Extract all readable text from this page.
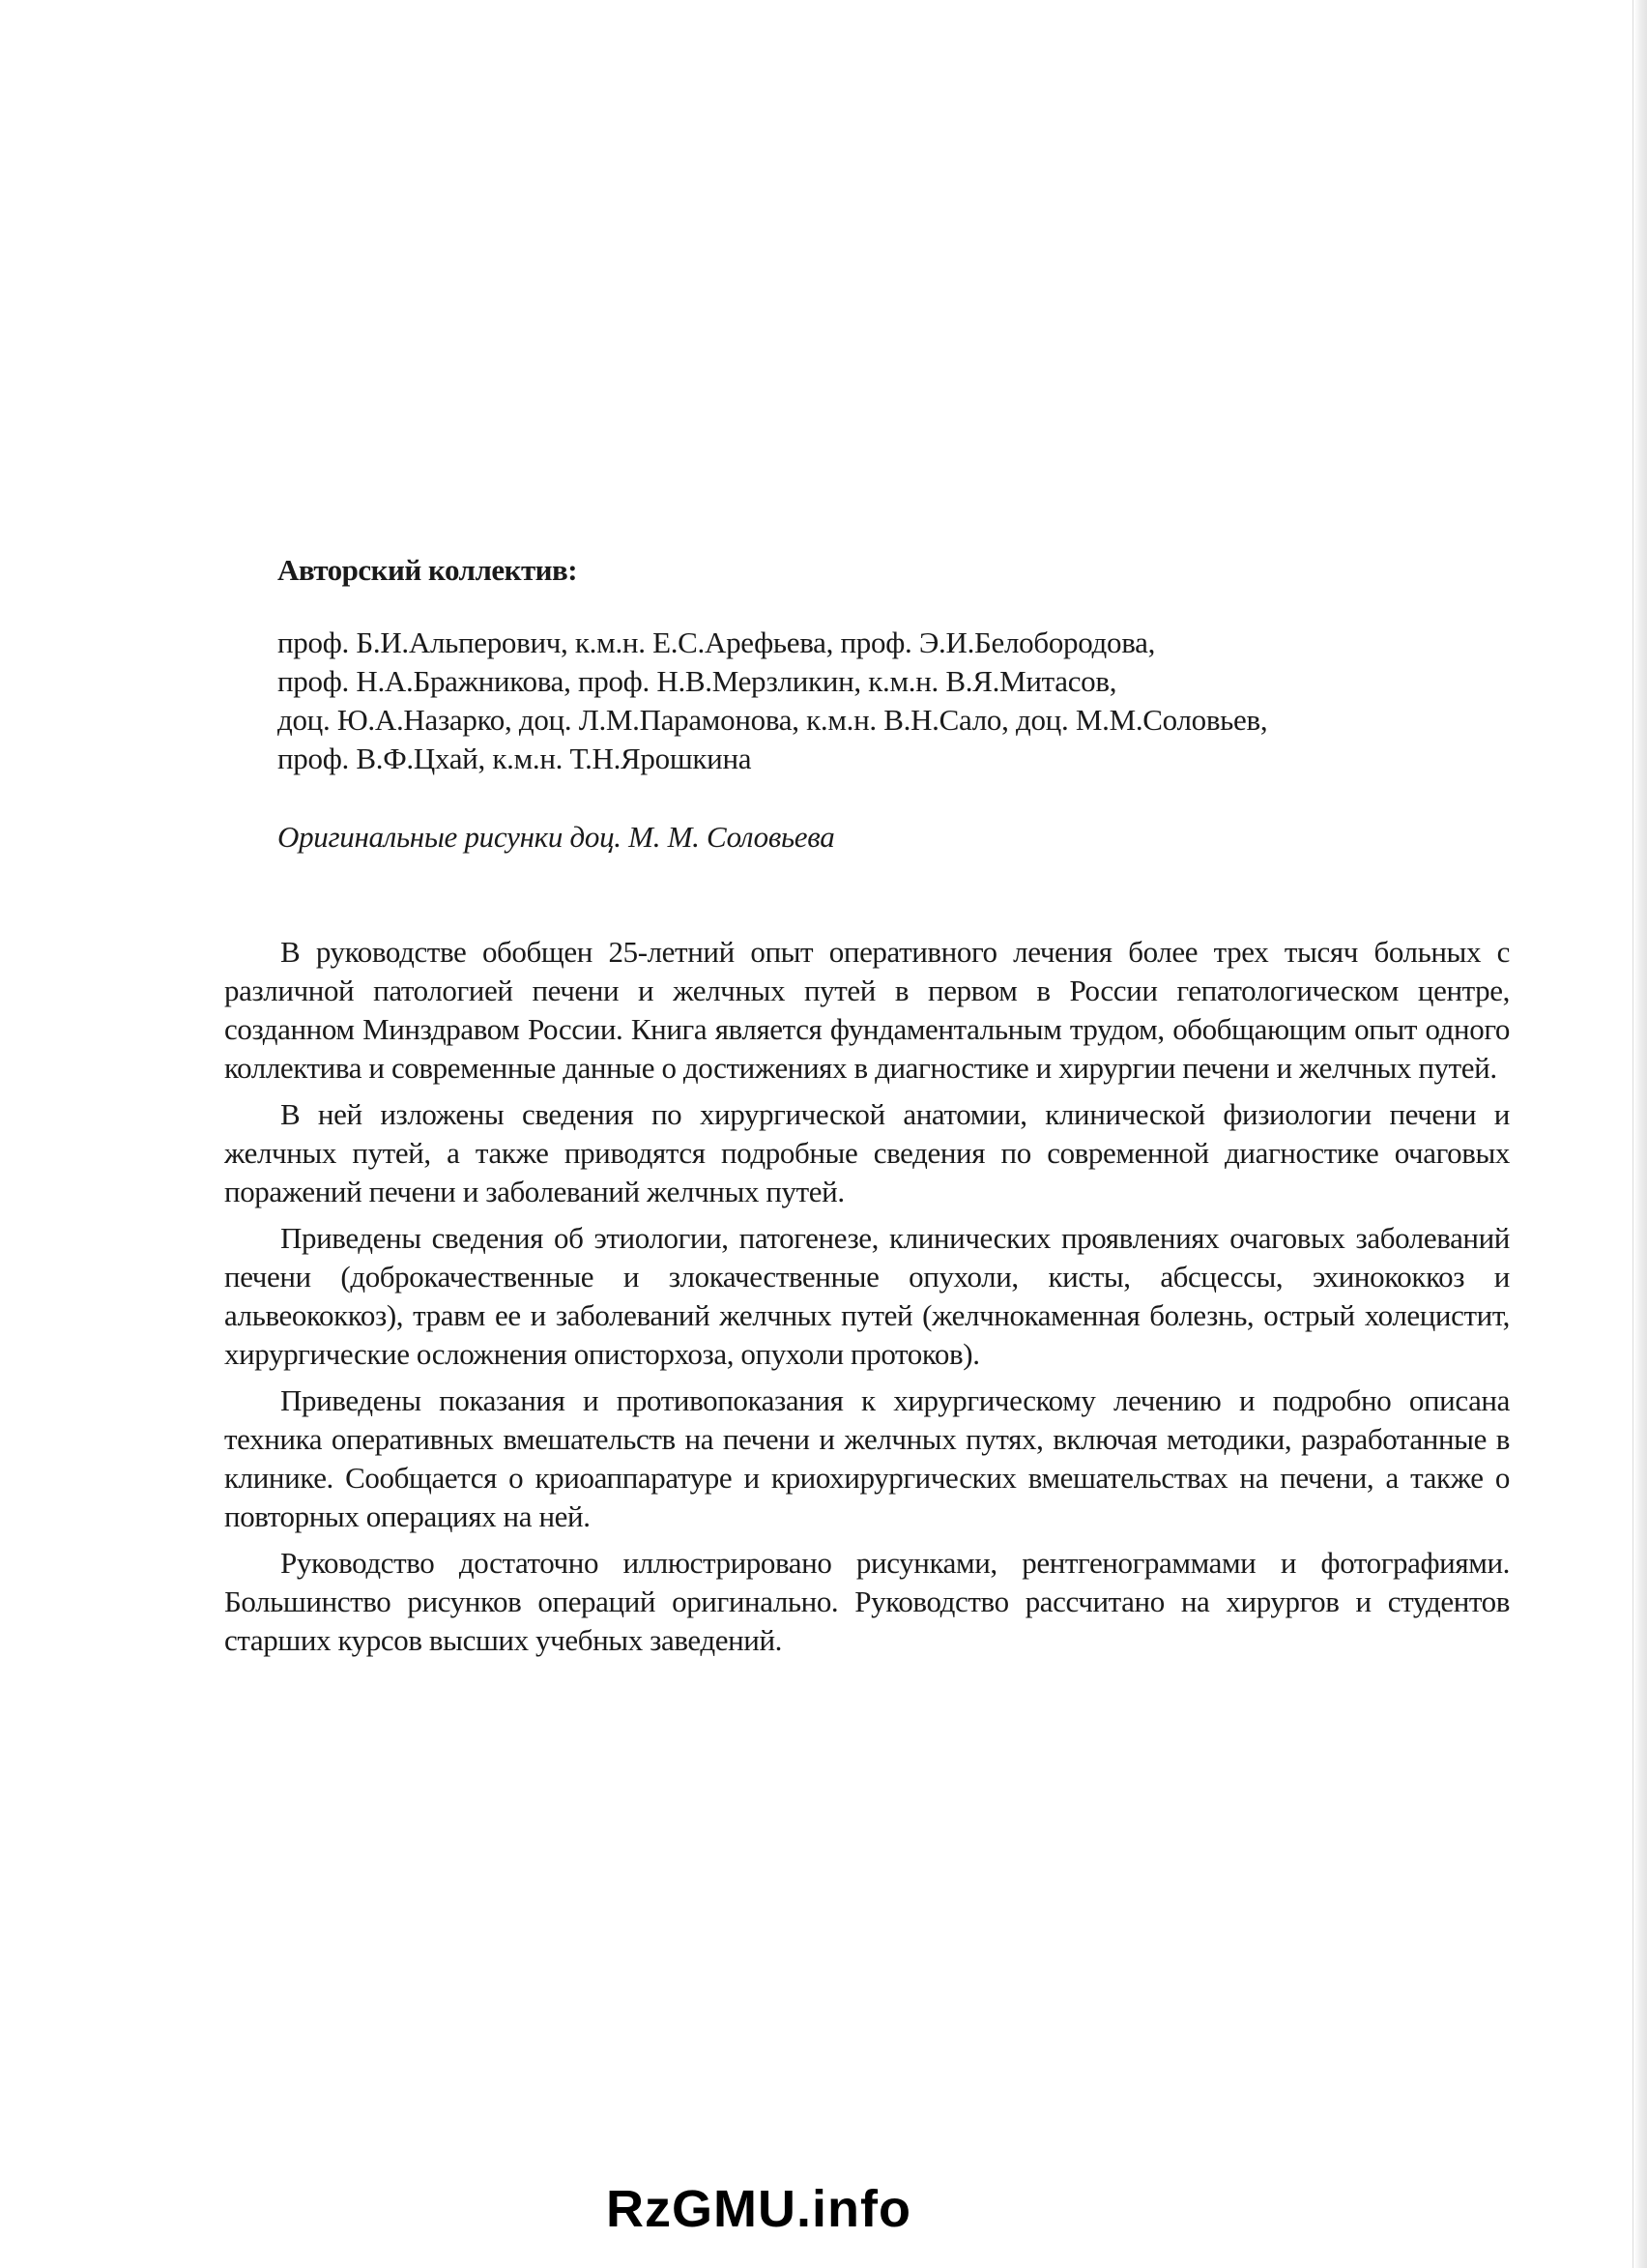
Авторский коллектив:
проф. Б.И.Альперович, к.м.н. Е.С.Арефьева, проф. Э.И.Белобородова,
проф. Н.А.Бражникова, проф. Н.В.Мерзликин, к.м.н. В.Я.Митасов,
доц. Ю.А.Назарко, доц. Л.М.Парамонова, к.м.н. В.Н.Сало, доц. М.М.Соловьев,
проф. В.Ф.Цхай, к.м.н. Т.Н.Ярошкина
Оригинальные рисунки доц. М. М. Соловьева

В руководстве обобщен 25-летний опыт оперативного лечения более трех тысяч больных с различной патологией печени и желчных путей в первом в России гепатологическом центре, созданном Минздравом России. Книга является фундаментальным трудом, обобщающим опыт одного коллектива и современные данные о достижениях в диагностике и хирургии печени и желчных путей.

В ней изложены сведения по хирургической анатомии, клинической физиологии печени и желчных путей, а также приводятся подробные сведения по современной диагностике очаговых поражений печени и заболеваний желчных путей.

Приведены сведения об этиологии, патогенезе, клинических проявлениях очаговых заболеваний печени (доброкачественные и злокачественные опухоли, кисты, абсцессы, эхинококкоз и альвеококкоз), травм ее и заболеваний желчных путей (желчнокаменная болезнь, острый холецистит, хирургические осложнения описторхоза, опухоли протоков).

Приведены показания и противопоказания к хирургическому лечению и подробно описана техника оперативных вмешательств на печени и желчных путях, включая методики, разработанные в клинике. Сообщается о криоаппаратуре и криохирургических вмешательствах на печени, а также о повторных операциях на ней.

Руководство достаточно иллюстрировано рисунками, рентгенограммами и фотографиями. Большинство рисунков операций оригинально. Руководство рассчитано на хирургов и студентов старших курсов высших учебных заведений.

RzGMU.info
